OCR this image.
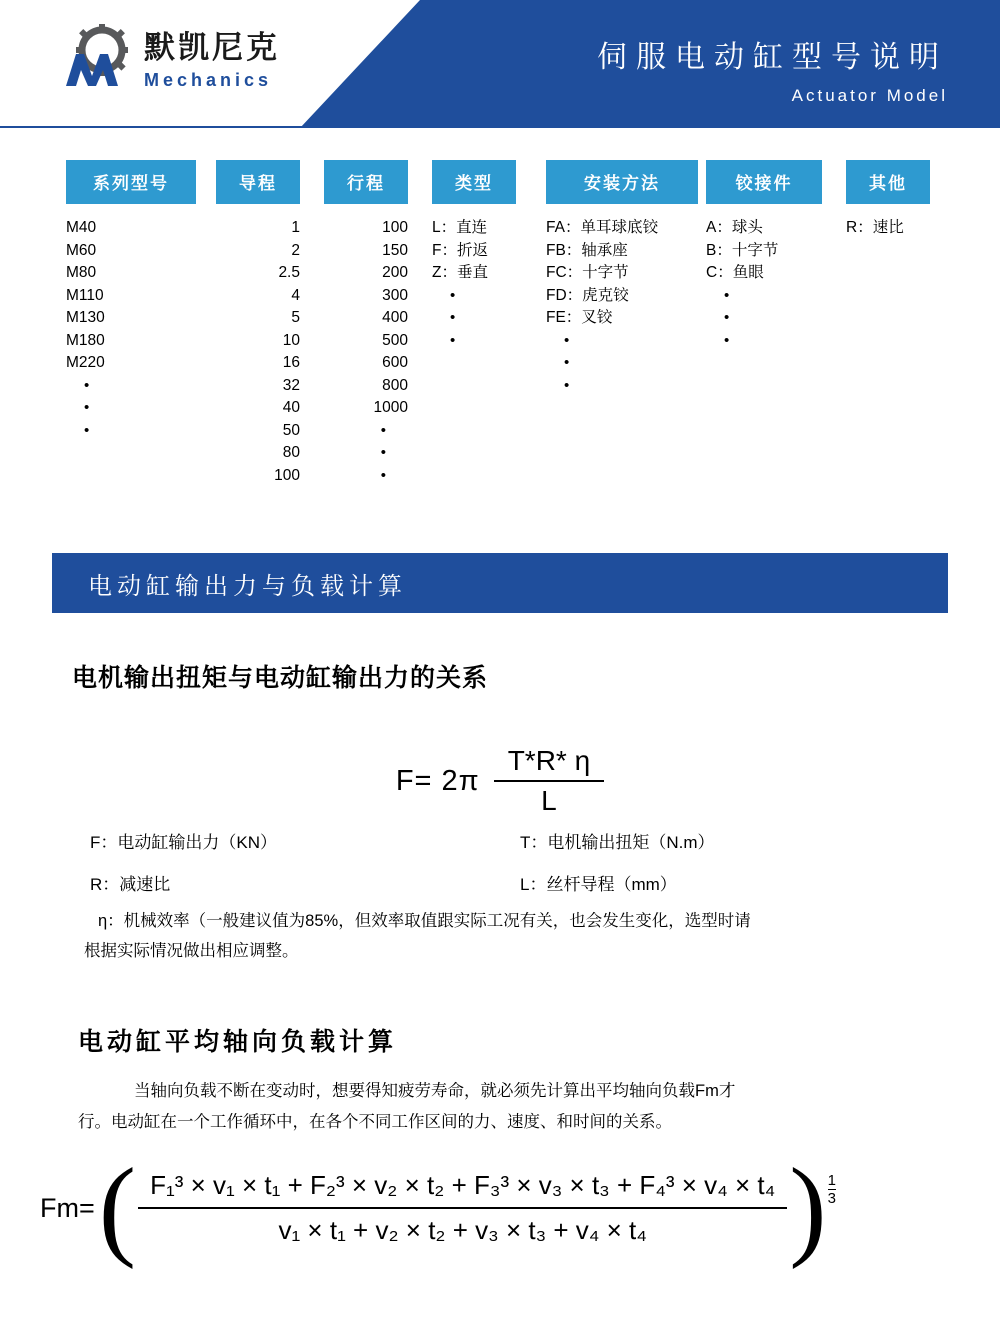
默凯尼克
Mechanics
伺服电动缸型号说明
Actuator Model
系列型号
M40
M60
M80
M110
M130
M180
M220
•
•
•
导程
1
2
2.5
4
5
10
16
32
40
50
80
100
行程
100
150
200
300
400
500
600
800
1000
•
•
•
类型
L：直连
F：折返
Z：垂直
•
•
•
安装方法
FA：单耳球底铰
FB：轴承座
FC：十字节
FD：虎克铰
FE：叉铰
•
•
•
铰接件
A：球头
B：十字节
C：鱼眼
•
•
•
其他
R：速比
电动缸输出力与负载计算
电机输出扭矩与电动缸输出力的关系
$F= 2\pi \frac{T*R* \eta}{L}$
F：电动缸输出力（KN）	T：电机输出扭矩（N.m）
R：减速比	L：丝杆导程（mm）
η：机械效率（一般建议值为85%，但效率取值跟实际工况有关，也会发生变化，选型时请
根据实际情况做出相应调整。
电动缸平均轴向负载计算

当轴向负载不断在变动时，想要得知疲劳寿命，就必须先计算出平均轴向负载Fm才

行。电动缸在一个工作循环中，在各个不同工作区间的力、速度、和时间的关系。

Fm= ( F₁³ × v₁ × t₁ + F₂³ × v₂ × t₂ + F₃³ × v₃ × t₃ + F₄³ × v₄ × t₄
v₁ × t₁ + v₂ × t₂ + v₃ × t₃ + v₄ × t₄ ) 1
3
